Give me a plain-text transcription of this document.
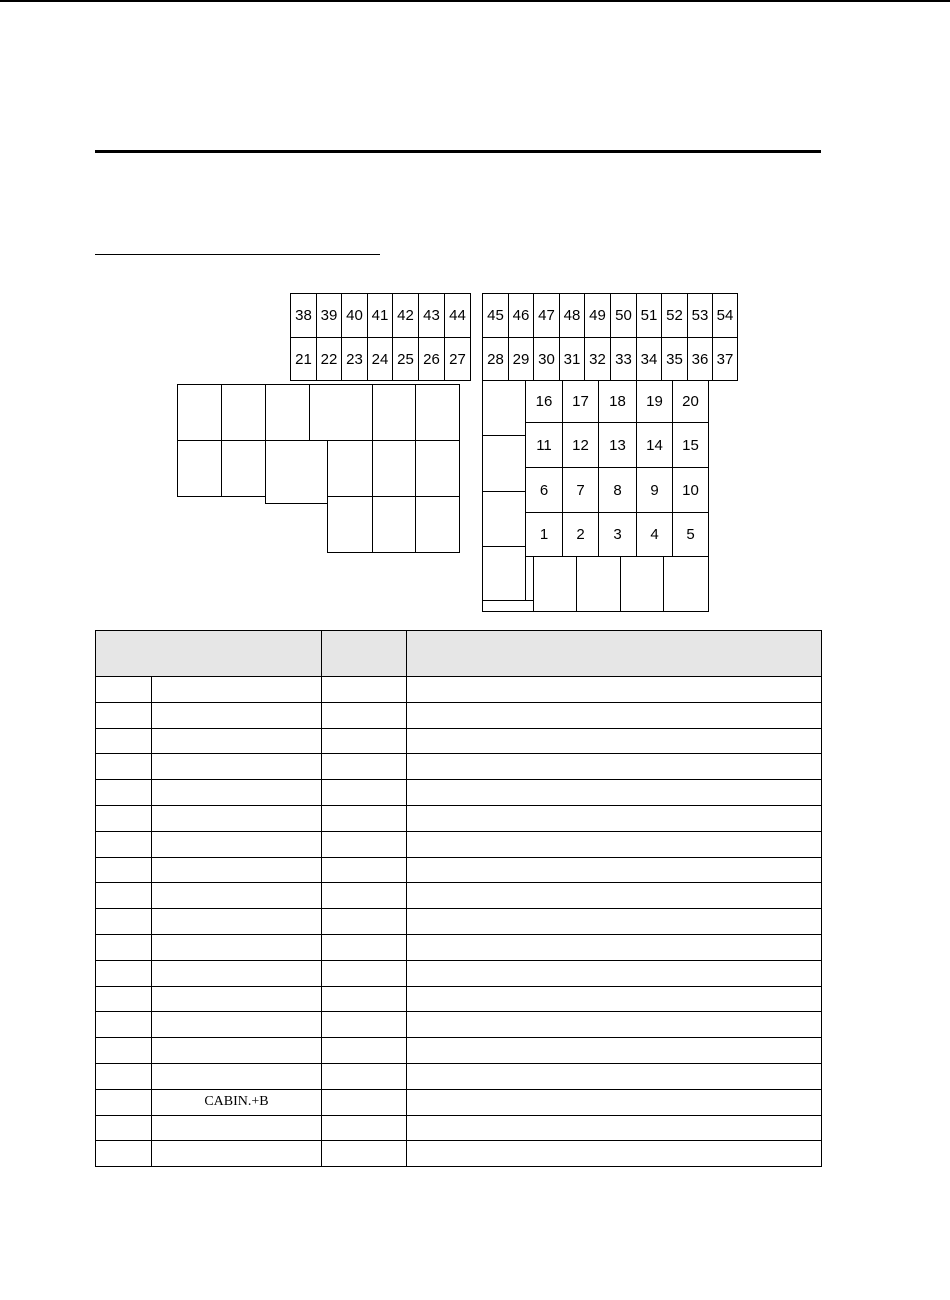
38 39 40 41 42 43 44
21 22 23 24 25 26 27
45 46 47 48 49 50 51 52 53 54
28 29 30 31 32 33 34 35 36 37
16	17	18	19	20
11	12	13	14	15
6	7	8	9	10
1	2	3	4	5

	CABIN.+B		
